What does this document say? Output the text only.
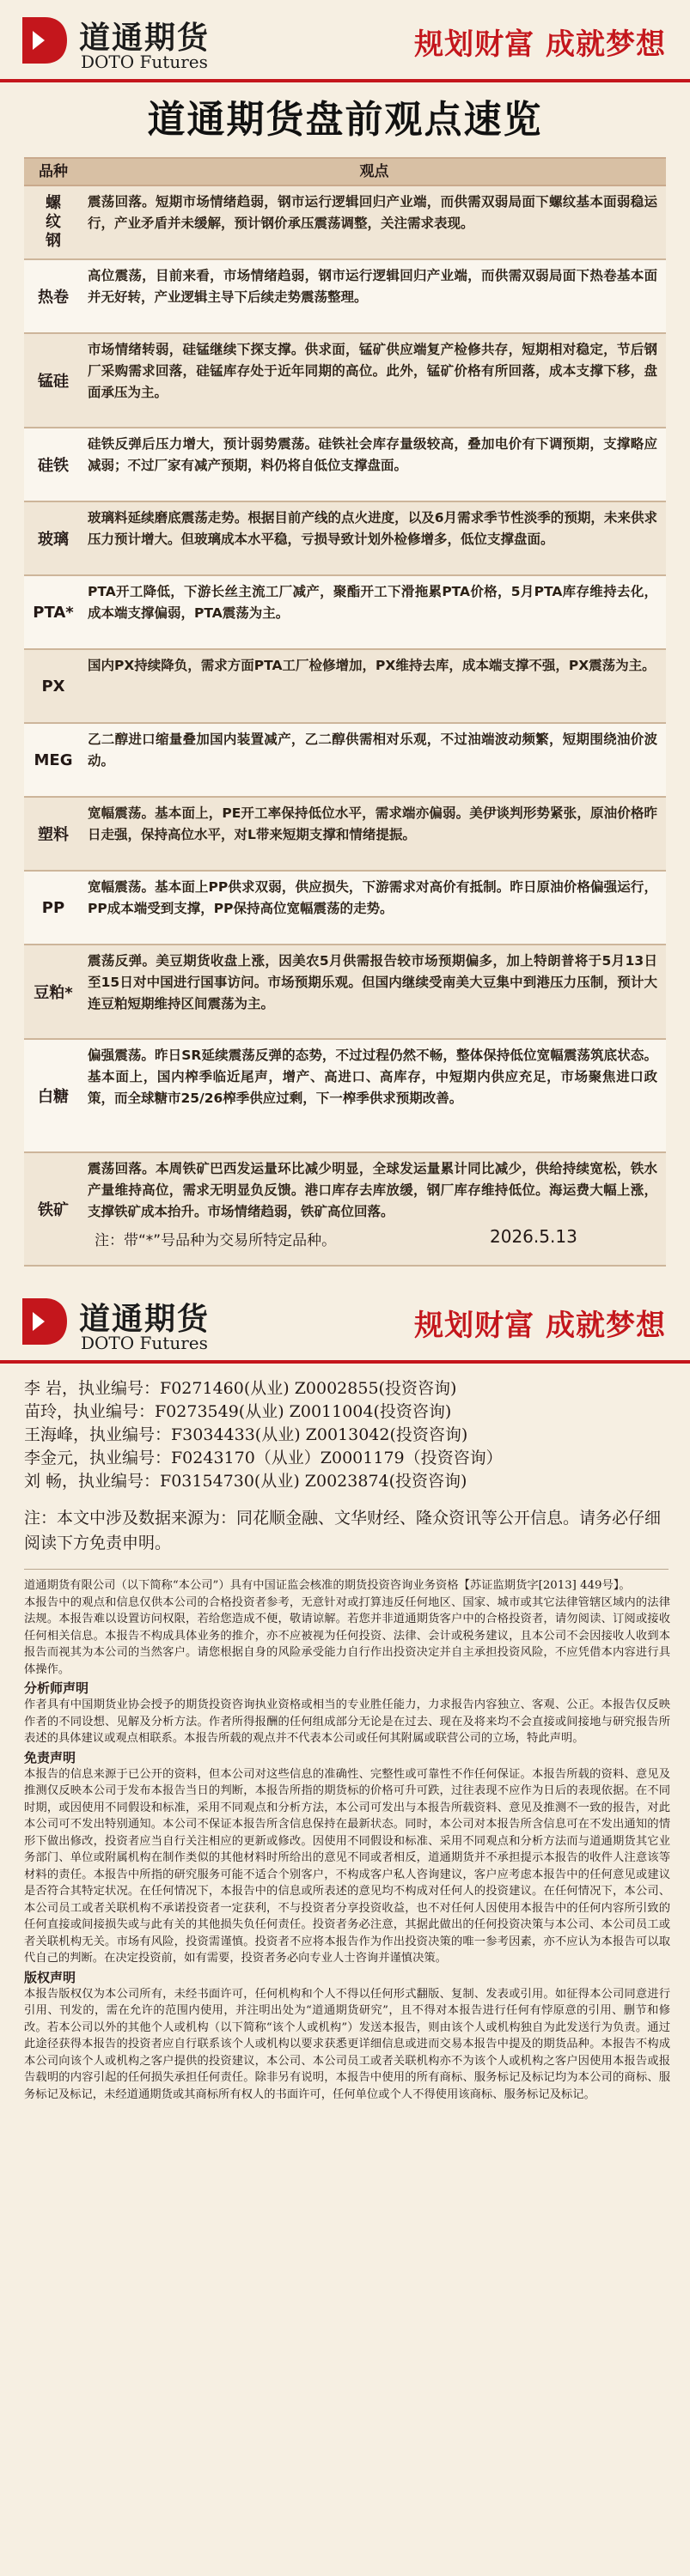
道通期货
DOTO Futures	规划财富 成就梦想
道通期货盘前观点速览
品种	观点
螺纹钢
震荡回落。短期市场情绪趋弱，钢市运行逻辑回归产业端，而供需双弱局面下螺纹基本面弱稳运行，产业矛盾并未缓解，预计钢价承压震荡调整，关注需求表现。
热卷
高位震荡，目前来看，市场情绪趋弱，钢市运行逻辑回归产业端，而供需双弱局面下热卷基本面并无好转，产业逻辑主导下后续走势震荡整理。
锰硅
市场情绪转弱，硅锰继续下探支撑。供求面，锰矿供应端复产检修共存，短期相对稳定，节后钢厂采购需求回落，硅锰库存处于近年同期的高位。此外，锰矿价格有所回落，成本支撑下移，盘面承压为主。
硅铁
硅铁反弹后压力增大，预计弱势震荡。硅铁社会库存量级较高，叠加电价有下调预期，支撑略应减弱；不过厂家有减产预期，料仍将自低位支撑盘面。
玻璃
玻璃料延续磨底震荡走势。根据目前产线的点火进度，以及6月需求季节性淡季的预期，未来供求压力预计增大。但玻璃成本水平稳，亏损导致计划外检修增多，低位支撑盘面。
PTA*
PTA开工降低，下游长丝主流工厂减产，聚酯开工下滑拖累PTA价格，5月PTA库存维持去化，成本端支撑偏弱，PTA震荡为主。
PX
国内PX持续降负，需求方面PTA工厂检修增加，PX维持去库，成本端支撑不强，PX震荡为主。
MEG
乙二醇进口缩量叠加国内装置减产，乙二醇供需相对乐观，不过油端波动频繁，短期围绕油价波动。
塑料
宽幅震荡。基本面上，PE开工率保持低位水平，需求端亦偏弱。美伊谈判形势紧张，原油价格昨日走强，保持高位水平，对L带来短期支撑和情绪提振。
PP
宽幅震荡。基本面上PP供求双弱，供应损失，下游需求对高价有抵制。昨日原油价格偏强运行，PP成本端受到支撑，PP保持高位宽幅震荡的走势。
豆粕*
震荡反弹。美豆期货收盘上涨，因美农5月供需报告较市场预期偏多，加上特朗普将于5月13日至15日对中国进行国事访问。市场预期乐观。但国内继续受南美大豆集中到港压力压制，预计大连豆粕短期维持区间震荡为主。
白糖
偏强震荡。昨日SR延续震荡反弹的态势，不过过程仍然不畅，整体保持低位宽幅震荡筑底状态。基本面上，国内榨季临近尾声，增产、高进口、高库存，中短期内供应充足，市场聚焦进口政策，而全球糖市25/26榨季供应过剩，下一榨季供求预期改善。
铁矿
震荡回落。本周铁矿巴西发运量环比减少明显，全球发运量累计同比减少，供给持续宽松，铁水产量维持高位，需求无明显负反馈。港口库存去库放缓，钢厂库存维持低位。海运费大幅上涨，支撑铁矿成本抬升。市场情绪趋弱，铁矿高位回落。
注：带“*”号品种为交易所特定品种。	2026.5.13
道通期货
DOTO Futures	规划财富 成就梦想
李 岩，执业编号：F0271460(从业) Z0002855(投资咨询)
苗玲，执业编号：F0273549(从业) Z0011004(投资咨询)
王海峰，执业编号：F3034433(从业) Z0013042(投资咨询)
李金元，执业编号：F0243170（从业）Z0001179（投资咨询）
刘 畅，执业编号：F03154730(从业) Z0023874(投资咨询)
注：本文中涉及数据来源为：同花顺金融、文华财经、隆众资讯等公开信息。请务必仔细阅读下方免责申明。

道通期货有限公司（以下简称“本公司”）具有中国证监会核准的期货投资咨询业务资格【苏证监期货字[2013] 449号】。

本报告中的观点和信息仅供本公司的合格投资者参考，无意针对或打算违反任何地区、国家、城市或其它法律管辖区域内的法律法规。本报告难以设置访问权限，若给您造成不便，敬请谅解。若您并非道通期货客户中的合格投资者，请勿阅读、订阅或接收任何相关信息。本报告不构成具体业务的推介，亦不应被视为任何投资、法律、会计或税务建议，且本公司不会因接收人收到本报告而视其为本公司的当然客户。请您根据自身的风险承受能力自行作出投资决定并自主承担投资风险，不应凭借本内容进行具体操作。

分析师声明

作者具有中国期货业协会授予的期货投资咨询执业资格或相当的专业胜任能力，力求报告内容独立、客观、公正。本报告仅反映作者的不同设想、见解及分析方法。作者所得报酬的任何组成部分无论是在过去、现在及将来均不会直接或间接地与研究报告所表述的具体建议或观点相联系。本报告所载的观点并不代表本公司或任何其附属或联营公司的立场，特此声明。

免责声明

本报告的信息来源于已公开的资料，但本公司对这些信息的准确性、完整性或可靠性不作任何保证。本报告所载的资料、意见及推测仅反映本公司于发布本报告当日的判断，本报告所指的期货标的价格可升可跌，过往表现不应作为日后的表现依据。在不同时期，或因使用不同假设和标准，采用不同观点和分析方法，本公司可发出与本报告所载资料、意见及推测不一致的报告，对此本公司可不发出特别通知。本公司不保证本报告所含信息保持在最新状态。同时，本公司对本报告所含信息可在不发出通知的情形下做出修改，投资者应当自行关注相应的更新或修改。因使用不同假设和标准、采用不同观点和分析方法而与道通期货其它业务部门、单位或附属机构在制作类似的其他材料时所给出的意见不同或者相反，道通期货并不承担提示本报告的收件人注意该等材料的责任。本报告中所指的研究服务可能不适合个别客户，不构成客户私人咨询建议，客户应考虑本报告中的任何意见或建议是否符合其特定状况。在任何情况下，本报告中的信息或所表述的意见均不构成对任何人的投资建议。在任何情况下，本公司、本公司员工或者关联机构不承诺投资者一定获利，不与投资者分享投资收益，也不对任何人因使用本报告中的任何内容所引致的任何直接或间接损失或与此有关的其他损失负任何责任。投资者务必注意，其据此做出的任何投资决策与本公司、本公司员工或者关联机构无关。市场有风险，投资需谨慎。投资者不应将本报告作为作出投资决策的唯一参考因素，亦不应认为本报告可以取代自己的判断。在决定投资前，如有需要，投资者务必向专业人士咨询并谨慎决策。

版权声明

本报告版权仅为本公司所有，未经书面许可，任何机构和个人不得以任何形式翻版、复制、发表或引用。如征得本公司同意进行引用、刊发的，需在允许的范围内使用，并注明出处为“道通期货研究”，且不得对本报告进行任何有悖原意的引用、删节和修改。若本公司以外的其他个人或机构（以下简称“该个人或机构”）发送本报告，则由该个人或机构独自为此发送行为负责。通过此途径获得本报告的投资者应自行联系该个人或机构以要求获悉更详细信息或进而交易本报告中提及的期货品种。本报告不构成本公司向该个人或机构之客户提供的投资建议，本公司、本公司员工或者关联机构亦不为该个人或机构之客户因使用本报告或报告载明的内容引起的任何损失承担任何责任。除非另有说明，本报告中使用的所有商标、服务标记及标记均为本公司的商标、服务标记及标记，未经道通期货或其商标所有权人的书面许可，任何单位或个人不得使用该商标、服务标记及标记。
